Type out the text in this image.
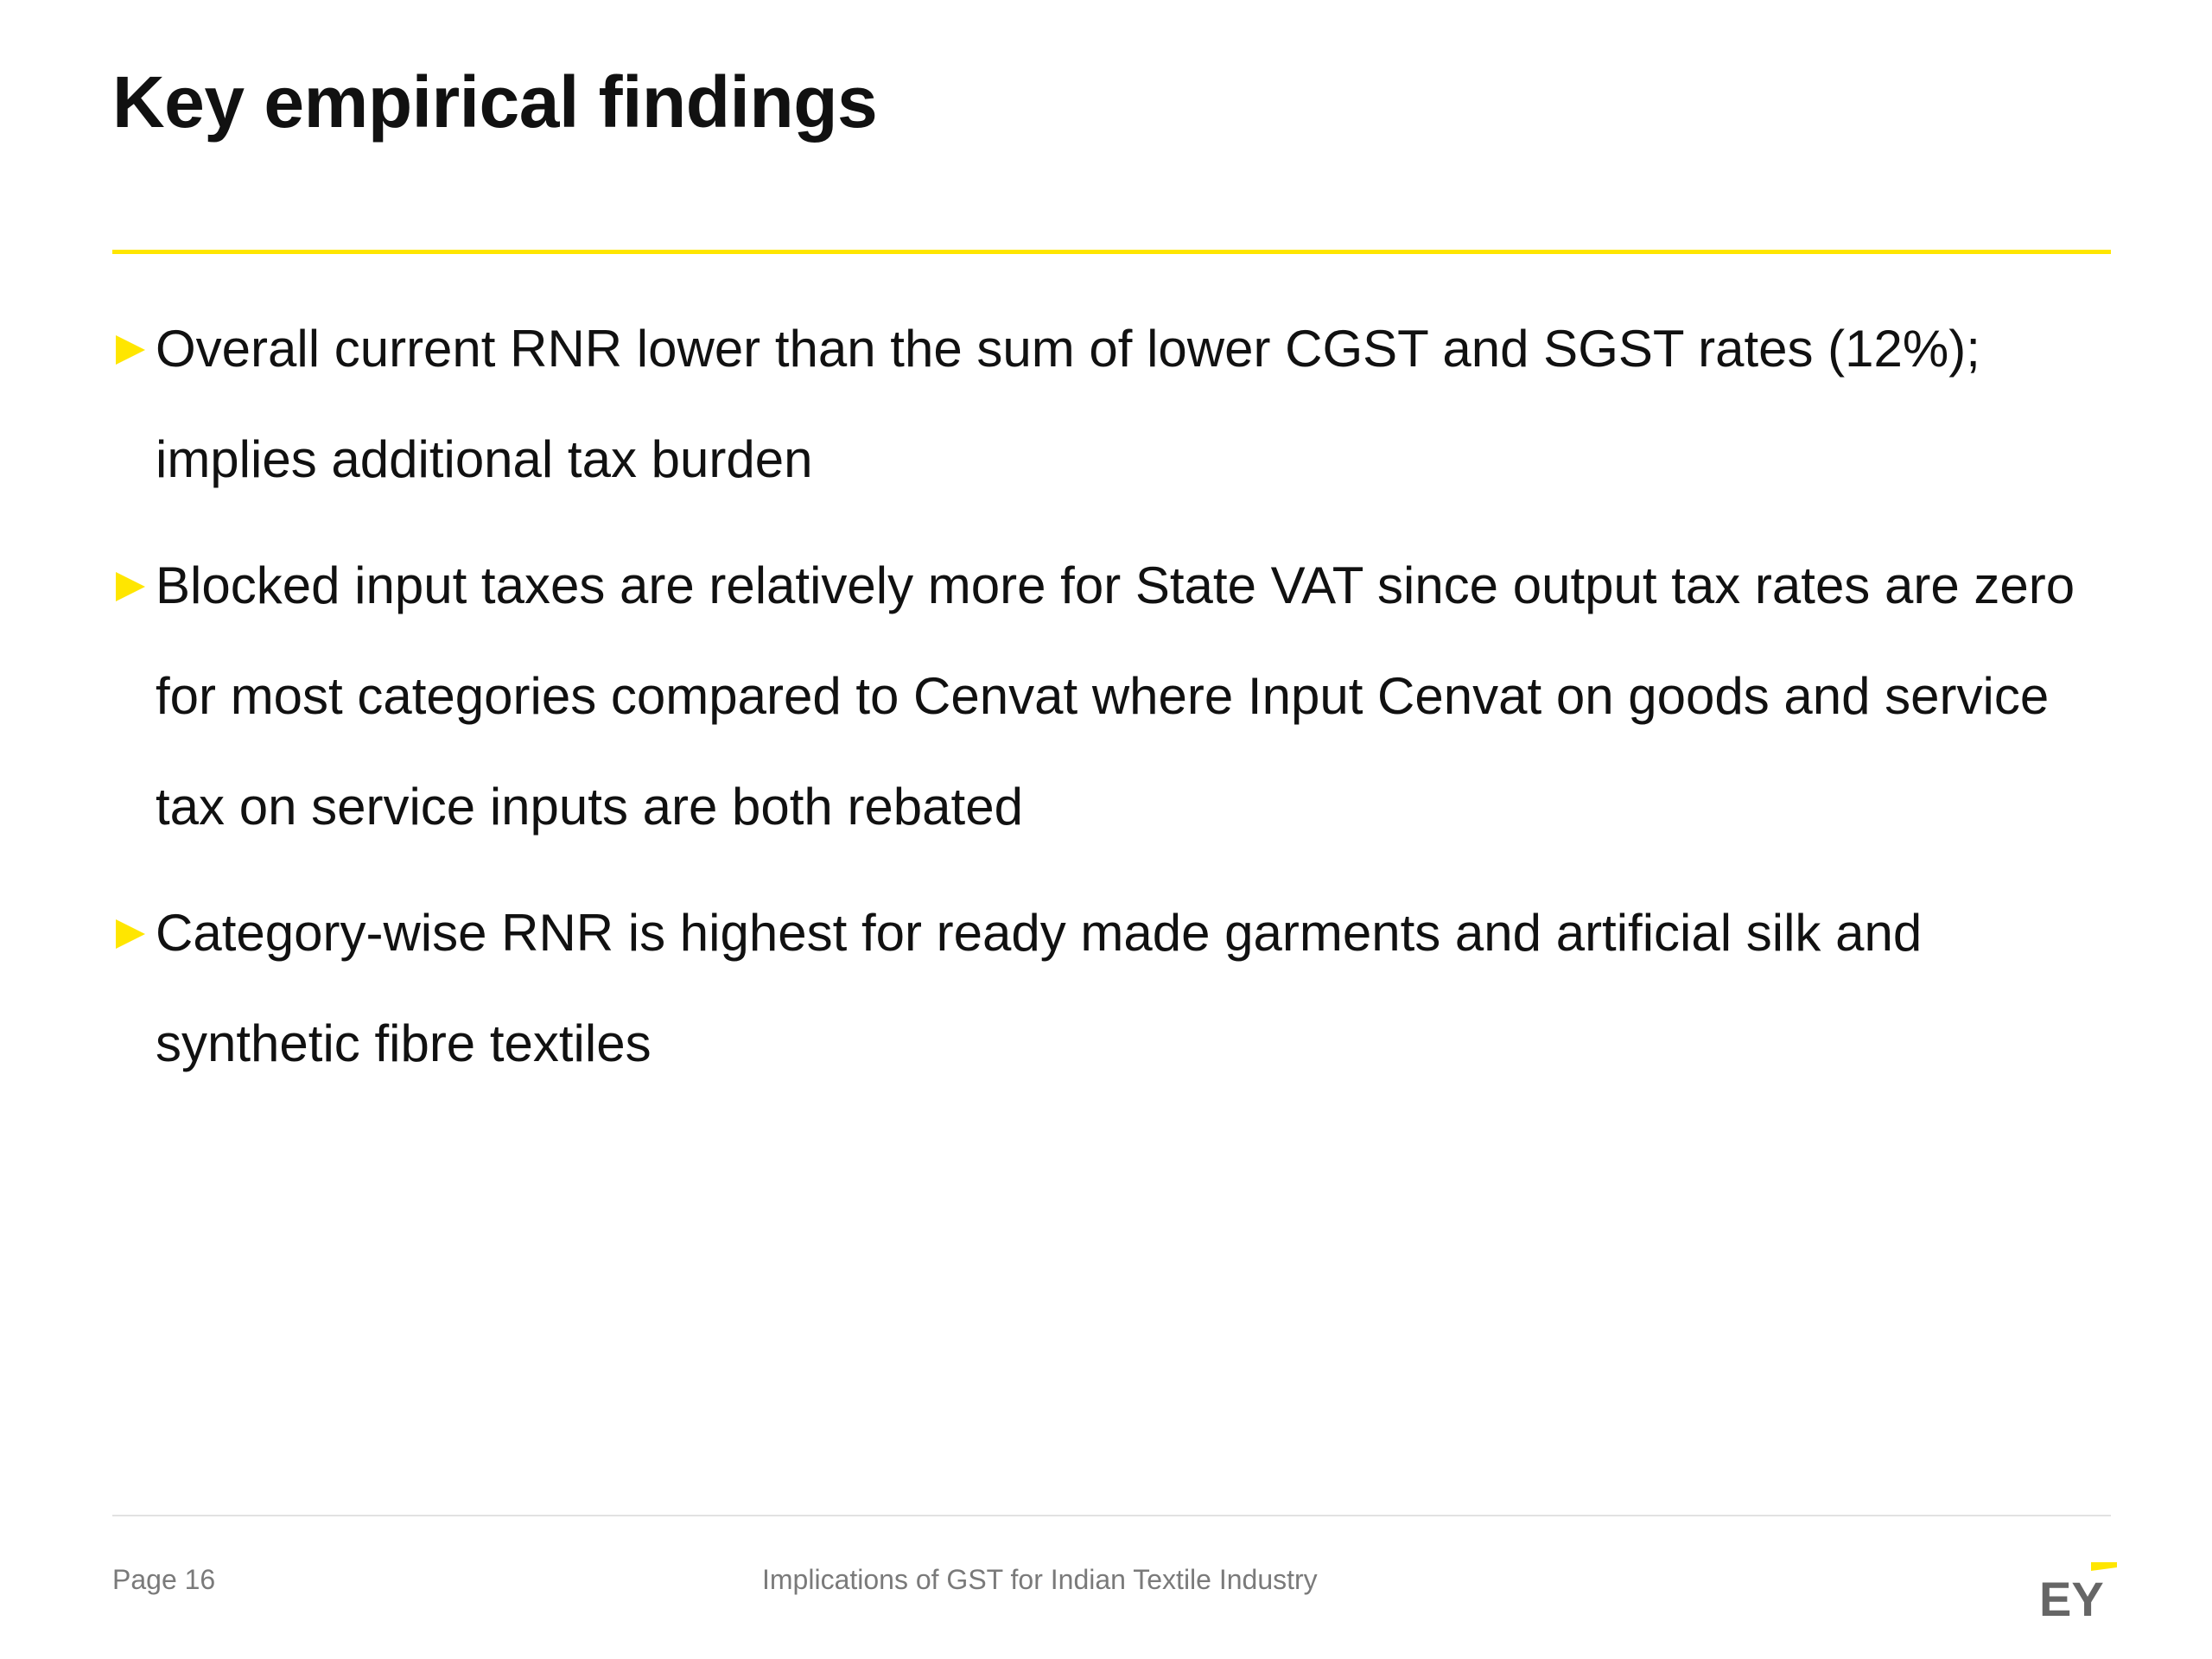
Key empirical findings
Overall current RNR lower than the sum of lower CGST and SGST rates (12%); implies additional tax burden
Blocked input taxes are relatively more for State VAT since output tax rates are zero for most categories compared to Cenvat where Input Cenvat on goods and service tax on service inputs are both rebated
Category-wise RNR is highest for ready made garments and artificial silk and synthetic fibre textiles
Page 16	Implications of GST for Indian Textile Industry	EY
